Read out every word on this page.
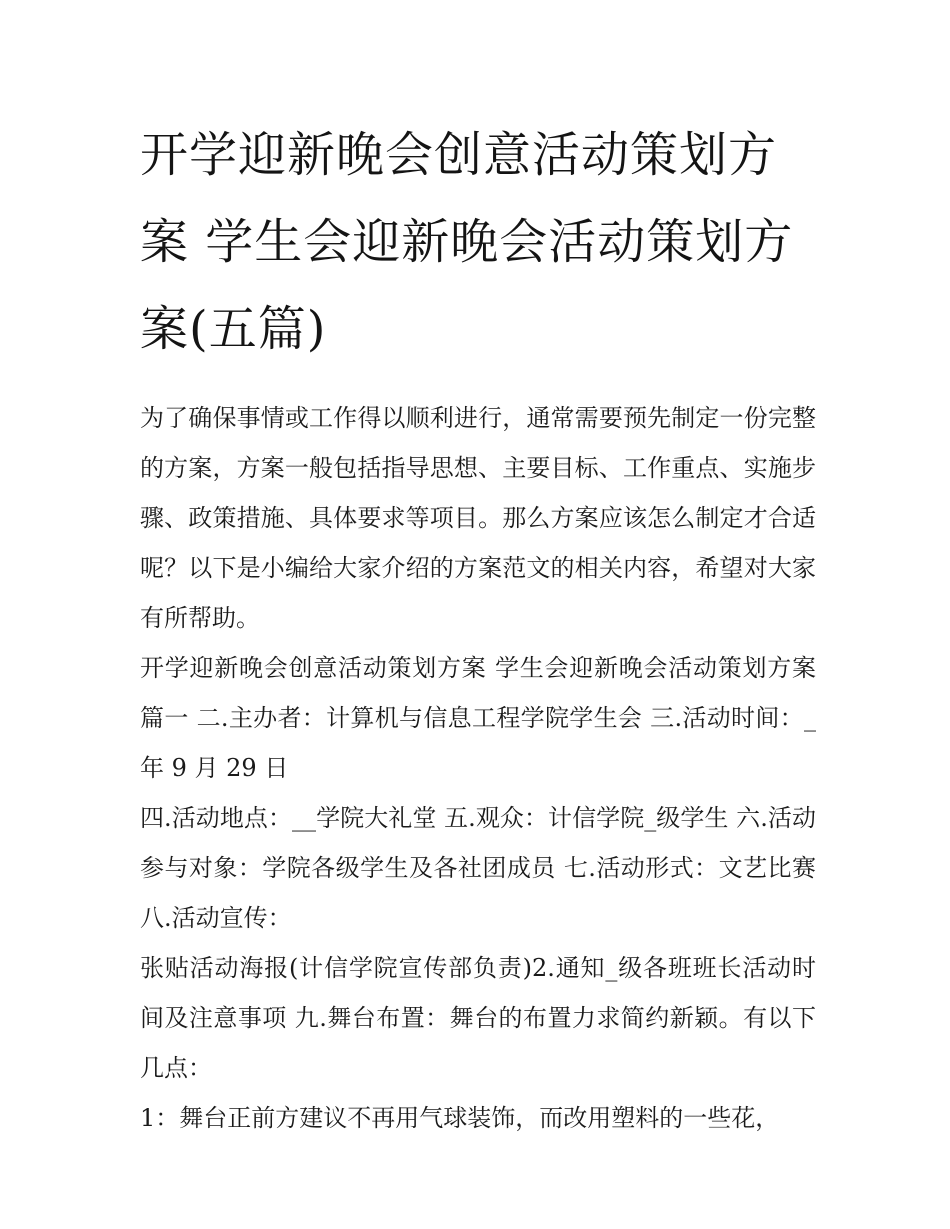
开学迎新晚会创意活动策划方案 学生会迎新晚会活动策划方案(五篇)

为了确保事情或工作得以顺利进行，通常需要预先制定一份完整的方案，方案一般包括指导思想、主要目标、工作重点、实施步骤、政策措施、具体要求等项目。那么方案应该怎么制定才合适呢？以下是小编给大家介绍的方案范文的相关内容，希望对大家有所帮助。

开学迎新晚会创意活动策划方案 学生会迎新晚会活动策划方案篇一 二.主办者：计算机与信息工程学院学生会 三.活动时间：_年 9 月 29 日

四.活动地点：__学院大礼堂 五.观众：计信学院_级学生 六.活动参与对象：学院各级学生及各社团成员 七.活动形式：文艺比赛 八.活动宣传：

张贴活动海报(计信学院宣传部负责)2.通知_级各班班长活动时间及注意事项 九.舞台布置：舞台的布置力求简约新颖。有以下几点：

1：舞台正前方建议不再用气球装饰，而改用塑料的一些花，
